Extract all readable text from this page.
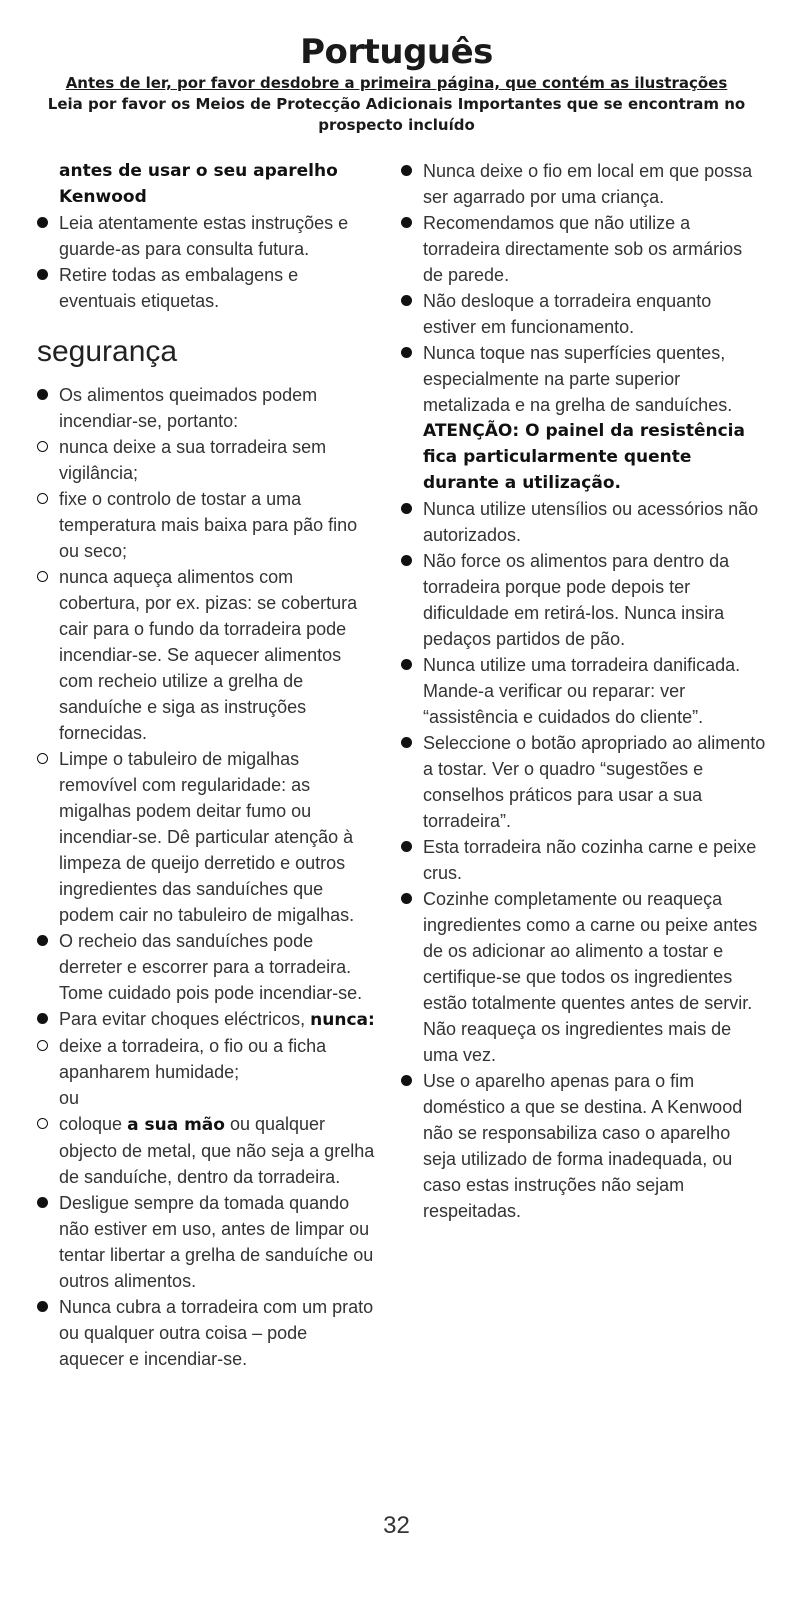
Português

Antes de ler, por favor desdobre a primeira página, que contém as ilustrações

Leia por favor os Meios de Protecção Adicionais Importantes que se encontram no prospecto incluído

antes de usar o seu aparelho Kenwood
Leia atentamente estas instruções e guarde-as para consulta futura.
Retire todas as embalagens e eventuais etiquetas.
segurança
Os alimentos queimados podem incendiar-se, portanto:
nunca deixe a sua torradeira sem vigilância;
fixe o controlo de tostar a uma temperatura mais baixa para pão fino ou seco;
nunca aqueça alimentos com cobertura, por ex. pizas: se cobertura cair para o fundo da torradeira pode incendiar-se. Se aquecer alimentos com recheio utilize a grelha de sanduíche e siga as instruções fornecidas.
Limpe o tabuleiro de migalhas removível com regularidade: as migalhas podem deitar fumo ou incendiar-se. Dê particular atenção à limpeza de queijo derretido e outros ingredientes das sanduíches que podem cair no tabuleiro de migalhas.
O recheio das sanduíches pode derreter e escorrer para a torradeira. Tome cuidado pois pode incendiar-se.
Para evitar choques eléctricos, nunca:
deixe a torradeira, o fio ou a ficha apanharem humidade;
ou
coloque a sua mão ou qualquer objecto de metal, que não seja a grelha de sanduíche, dentro da torradeira.
Desligue sempre da tomada quando não estiver em uso, antes de limpar ou tentar libertar a grelha de sanduíche ou outros alimentos.
Nunca cubra a torradeira com um prato ou qualquer outra coisa – pode aquecer e incendiar-se.
Nunca deixe o fio em local em que possa ser agarrado por uma criança.
Recomendamos que não utilize a torradeira directamente sob os armários de parede.
Não desloque a torradeira enquanto estiver em funcionamento.
Nunca toque nas superfícies quentes, especialmente na parte superior metalizada e na grelha de sanduíches.
ATENÇÃO: O painel da resistência fica particularmente quente durante a utilização.
Nunca utilize utensílios ou acessórios não autorizados.
Não force os alimentos para dentro da torradeira porque pode depois ter dificuldade em retirá-los. Nunca insira pedaços partidos de pão.
Nunca utilize uma torradeira danificada. Mande-a verificar ou reparar: ver “assistência e cuidados do cliente”.
Seleccione o botão apropriado ao alimento a tostar. Ver o quadro “sugestões e conselhos práticos para usar a sua torradeira”.
Esta torradeira não cozinha carne e peixe crus.
Cozinhe completamente ou reaqueça ingredientes como a carne ou peixe antes de os adicionar ao alimento a tostar e certifique-se que todos os ingredientes estão totalmente quentes antes de servir. Não reaqueça os ingredientes mais de uma vez.
Use o aparelho apenas para o fim doméstico a que se destina. A Kenwood não se responsabiliza caso o aparelho seja utilizado de forma inadequada, ou caso estas instruções não sejam respeitadas.
32
